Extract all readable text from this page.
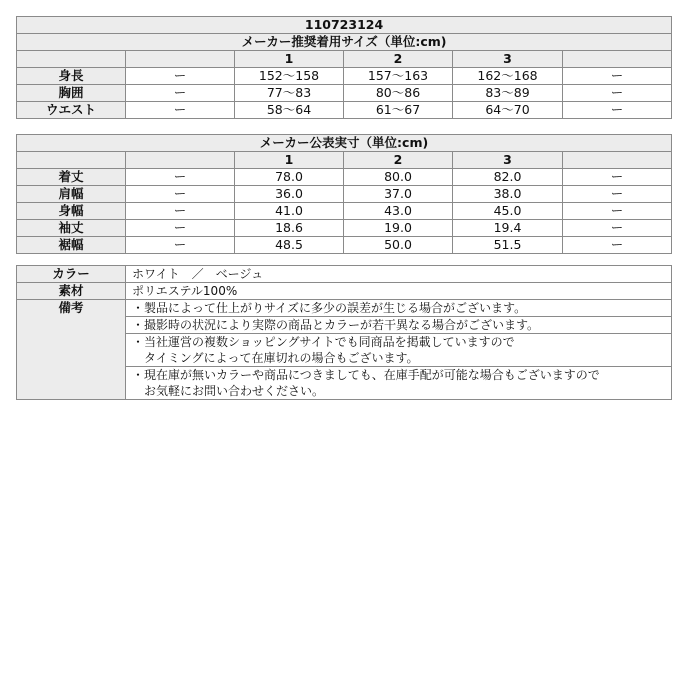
110723124					
メーカー推奨着用サイズ（単位:cm)					
		1	2	3	
身長	ー	152〜158	157〜163	162〜168	ー
胸囲	ー	77〜83	80〜86	83〜89	ー
ウエスト	ー	58〜64	61〜67	64〜70	ー
メーカー公表実寸（単位:cm)					
		1	2	3	
着丈	ー	78.0	80.0	82.0	ー
肩幅	ー	36.0	37.0	38.0	ー
身幅	ー	41.0	43.0	45.0	ー
袖丈	ー	18.6	19.0	19.4	ー
裾幅	ー	48.5	50.0	51.5	ー
カラー	ホワイト　／　ベージュ
素材	ポリエステル100%
備考	・製品によって仕上がりサイズに多少の誤差が生じる場合がございます。
	・撮影時の状況により実際の商品とカラーが若干異なる場合がございます。

	・当社運営の複数ショッピングサイトでも同商品を掲載していますので
　タイミングによって在庫切れの場合もございます。

	・現在庫が無いカラーや商品につきましても、在庫手配が可能な場合もございますので
　お気軽にお問い合わせください。
